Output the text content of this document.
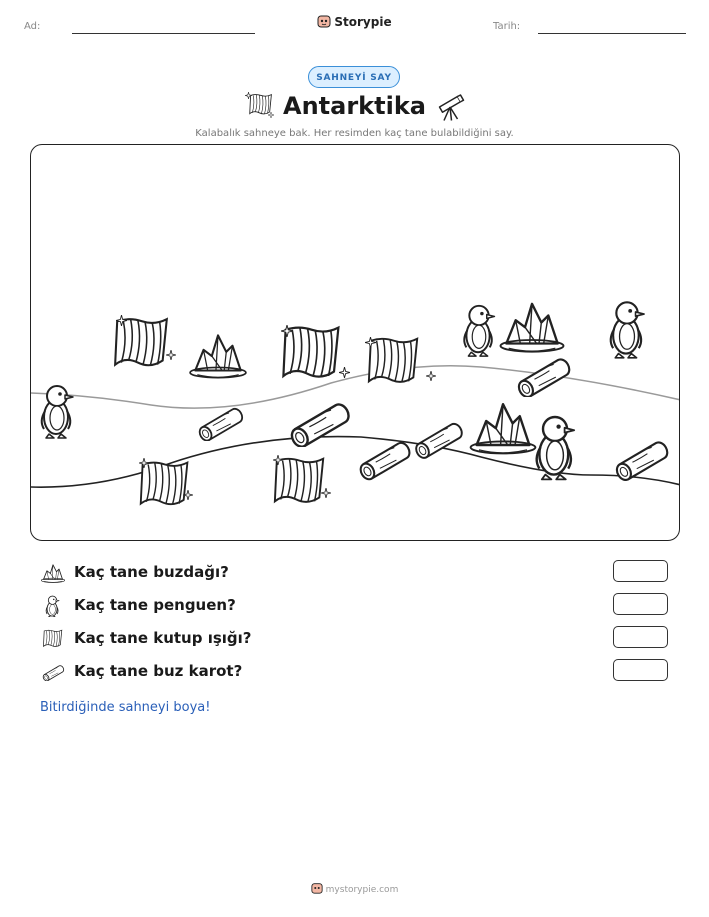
Ad:	Storypie	Tarih:
SAHNEYİ SAY
Antarktika
Kalabalık sahneye bak. Her resimden kaç tane bulabildiğini say.
Kaç tane buzdağı?
Kaç tane penguen?
Kaç tane kutup ışığı?
Kaç tane buz karot?
Bitirdiğinde sahneyi boya!
mystorypie.com
